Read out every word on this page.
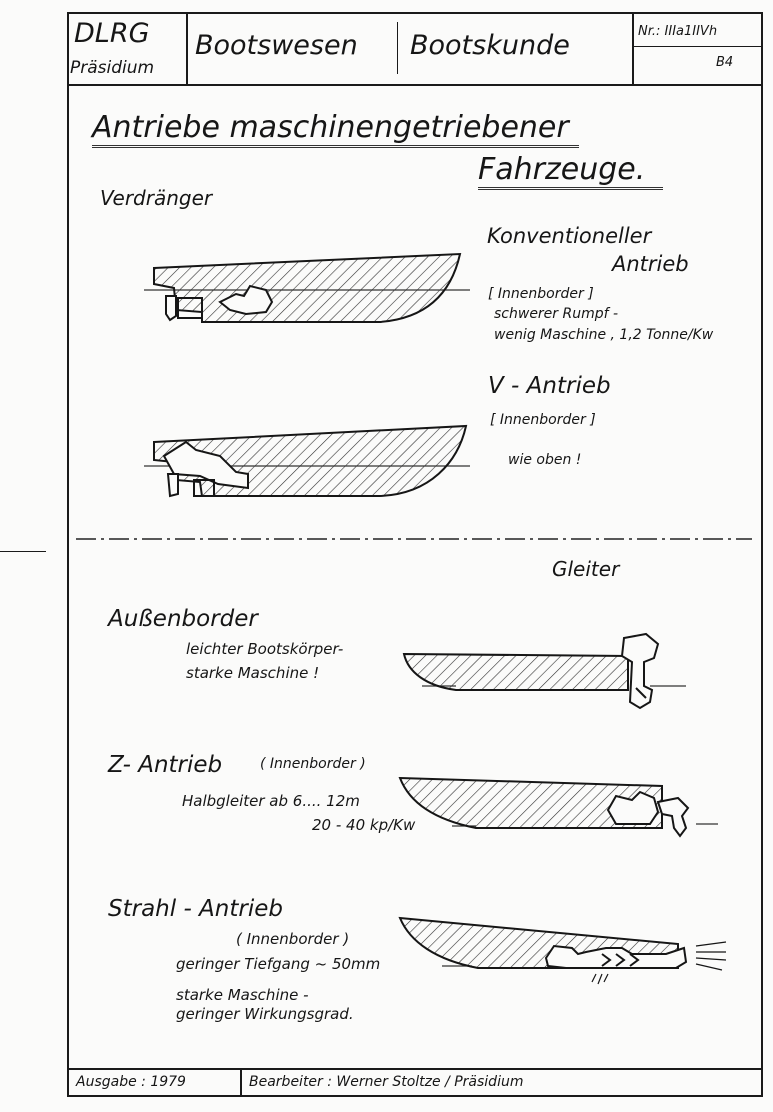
DLRG
Präsidium
Bootswesen Bootskunde	Nr.: IIIa1IIVh
B4
Antriebe maschinengetriebener
Fahrzeuge.
Verdränger
Konventioneller
Antrieb
[ Innenborder ]
schwerer Rumpf -
wenig Maschine , 1,2 Tonne/Kw
V - Antrieb
[ Innenborder ]
wie oben !
Gleiter
Außenborder
leichter Bootskörper-
starke Maschine !
Z- Antrieb	( Innenborder )
Halbgleiter ab 6.... 12m
20 - 40 kp/Kw
Strahl - Antrieb
( Innenborder )
geringer Tiefgang ~ 50mm
starke Maschine -
geringer Wirkungsgrad.
Ausgabe : 1979	Bearbeiter : Werner Stoltze / Präsidium
